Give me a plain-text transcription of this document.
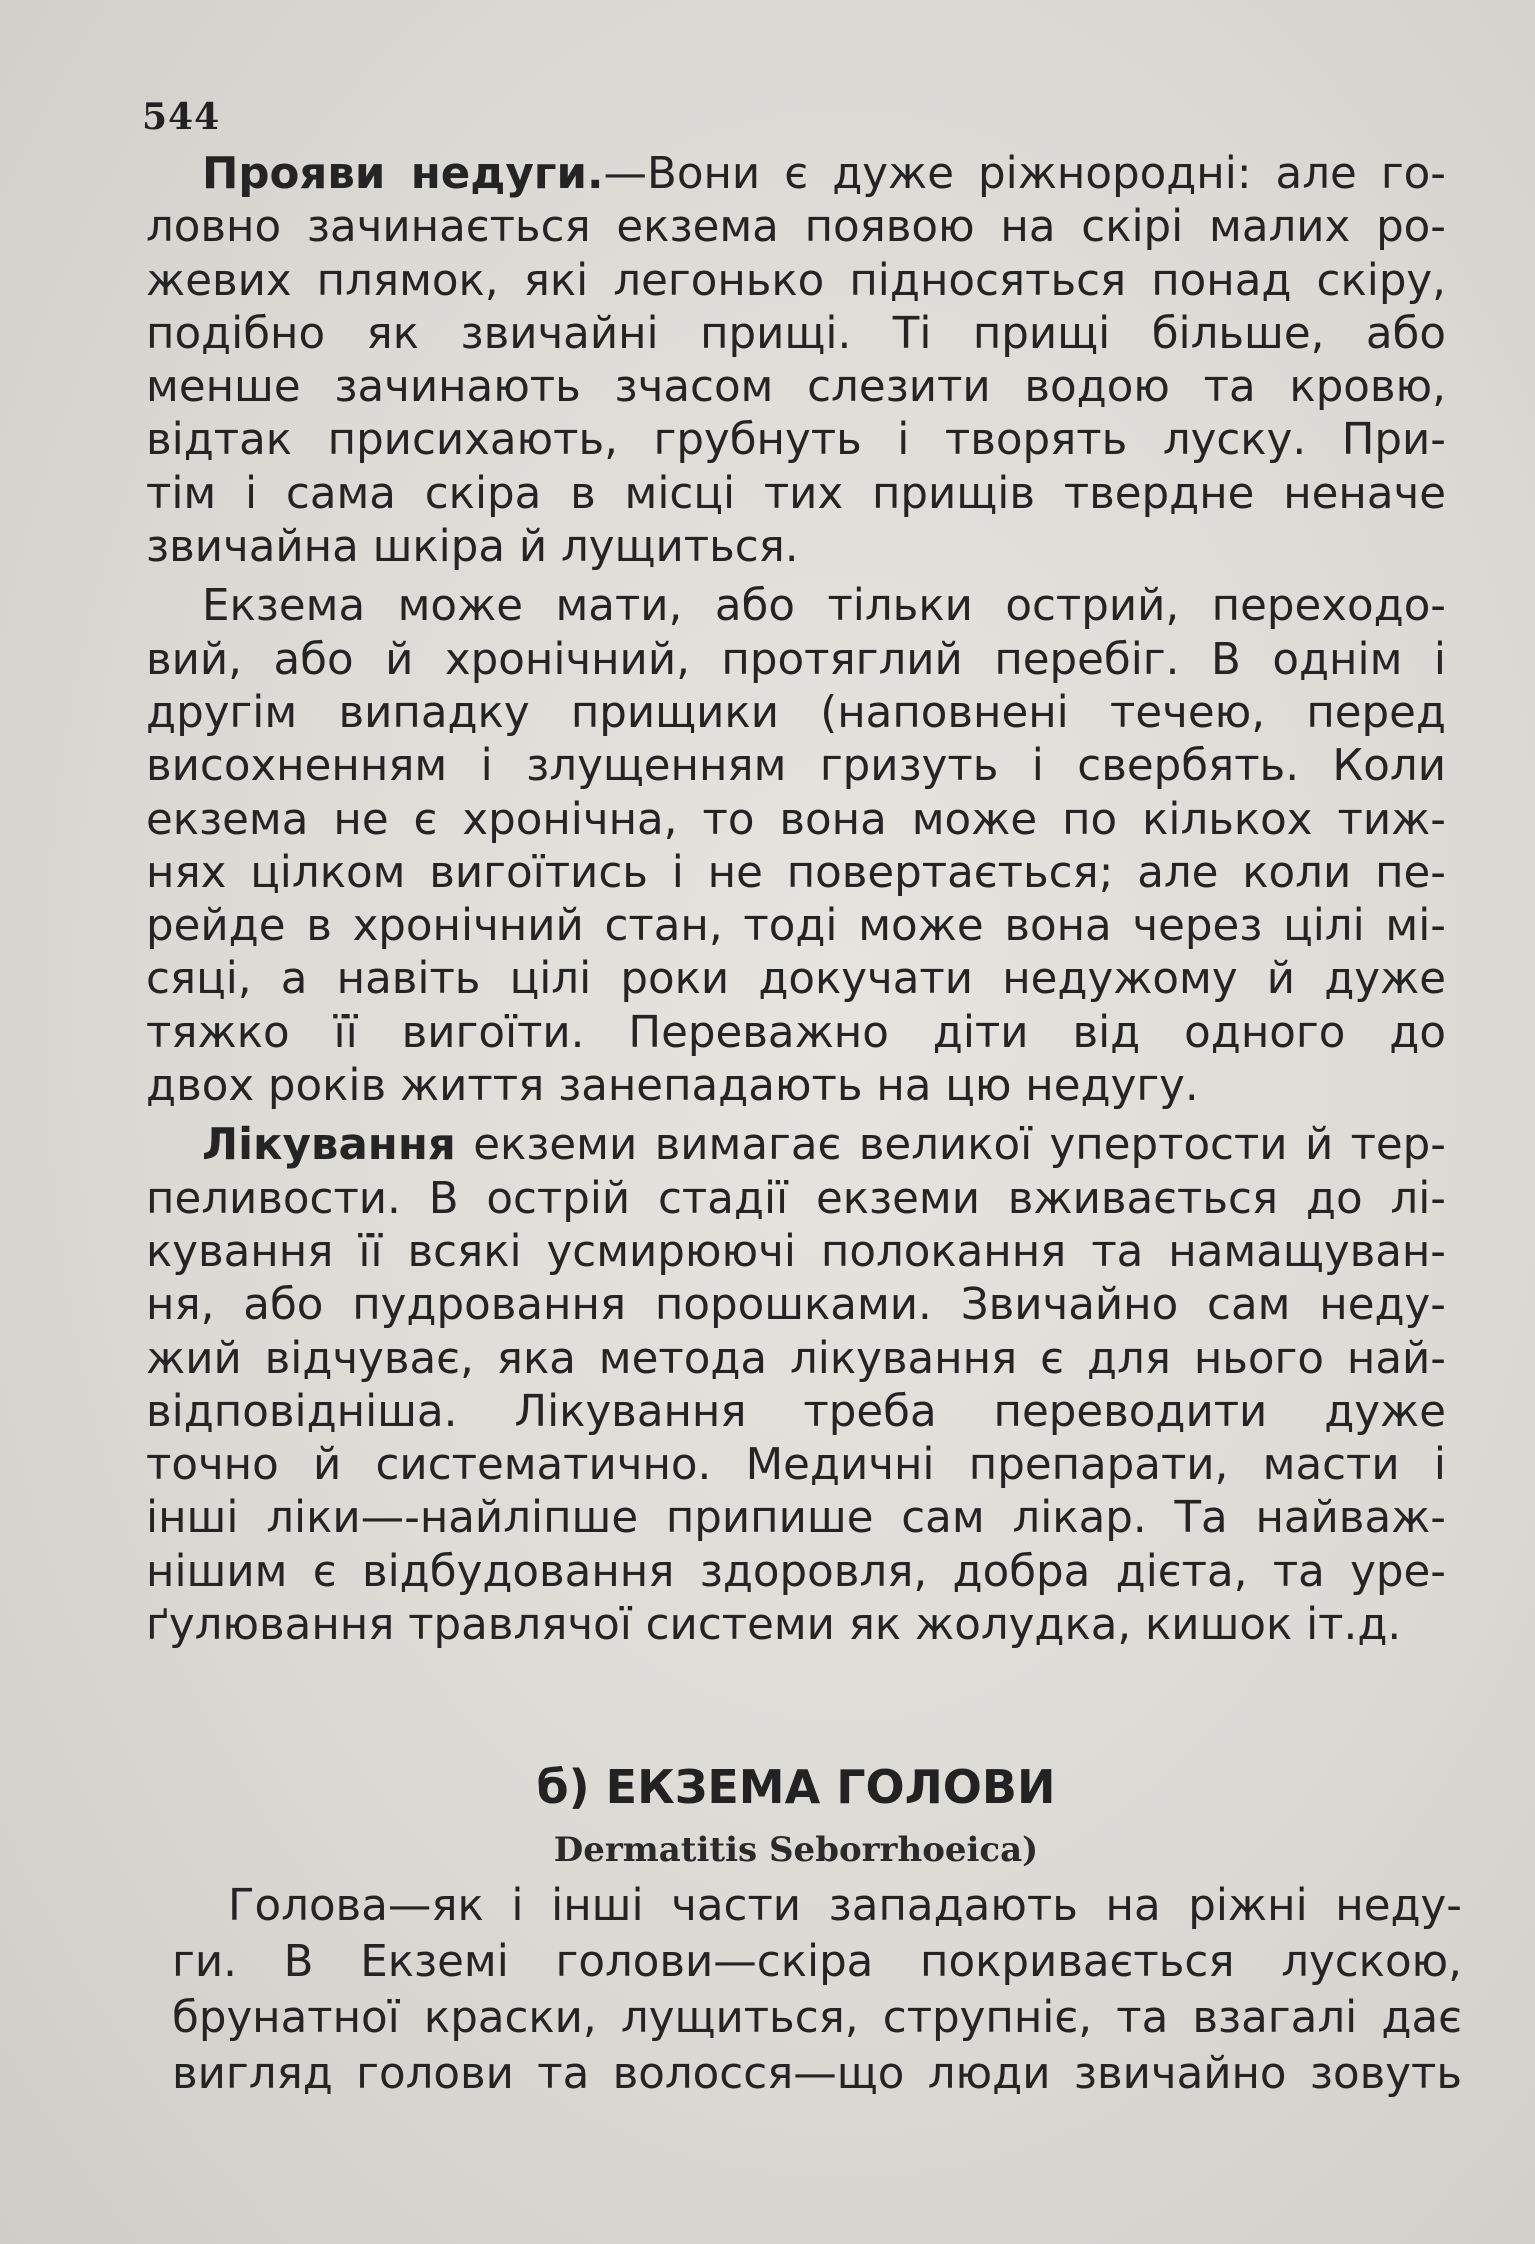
544
Прояви недуги.—Вони є дуже ріжнородні: але го-
ловно зачинається екзема появою на скірі малих ро-
жевих плямок, які легонько підносяться понад скіру,
подібно як звичайні прищі. Ті прищі більше, або
менше зачинають зчасом слезити водою та кровю,
відтак присихають, грубнуть і творять луску. При-
тім і сама скіра в місці тих прищів твердне неначе
звичайна шкіра й лущиться.
Екзема може мати, або тільки острий, переходо-
вий, або й хронічний, протяглий перебіг. В однім і
другім випадку прищики (наповнені течею, перед
висохненням і злущенням гризуть і свербять. Коли
екзема не є хронічна, то вона може по кількох тиж-
нях цілком вигоїтись і не повертається; але коли пе-
рейде в хронічний стан, тоді може вона через цілі мі-
сяці, а навіть цілі роки докучати недужому й дуже
тяжко її вигоїти. Переважно діти від одного до
двох років життя занепадають на цю недугу.
Лікування екземи вимагає великої упертости й тер-
пеливости. В острій стадії екземи вживається до лі-
кування її всякі усмирюючі полокання та намащуван-
ня, або пудровання порошками. Звичайно сам неду-
жий відчуває, яка метода лікування є для нього най-
відповідніша. Лікування треба переводити дуже
точно й систематично. Медичні препарати, масти і
інші ліки—-найліпше припише сам лікар. Та найваж-
нішим є відбудовання здоровля, добра дієта, та уре-
ґулювання травлячої системи як жолудка, кишок іт.д.
б) ЕКЗЕМА ГОЛОВИ
Dermatitis Seborrhoeica)
Голова—як і інші части западають на ріжні неду-
ги. В Екземі голови—скіра покривається лускою,
брунатної краски, лущиться, струпніє, та взагалі дає
вигляд голови та волосся—що люди звичайно зовуть
